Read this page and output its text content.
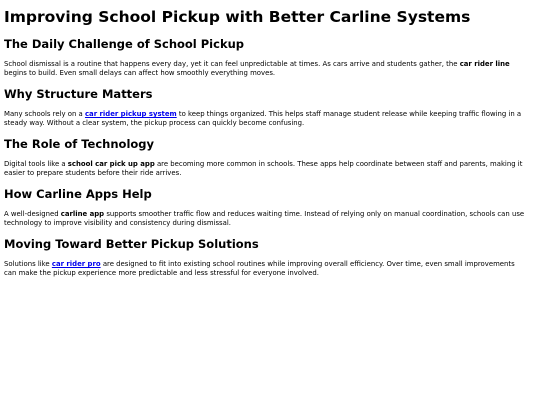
Improving School Pickup with Better Carline Systems
The Daily Challenge of School Pickup

School dismissal is a routine that happens every day, yet it can feel unpredictable at times. As cars arrive and students gather, the car rider line begins to build. Even small delays can affect how smoothly everything moves.

Why Structure Matters

Many schools rely on a car rider pickup system to keep things organized. This helps staff manage student release while keeping traffic flowing in a steady way. Without a clear system, the pickup process can quickly become confusing.

The Role of Technology

Digital tools like a school car pick up app are becoming more common in schools. These apps help coordinate between staff and parents, making it easier to prepare students before their ride arrives.

How Carline Apps Help

A well-designed carline app supports smoother traffic flow and reduces waiting time. Instead of relying only on manual coordination, schools can use technology to improve visibility and consistency during dismissal.

Moving Toward Better Pickup Solutions

Solutions like car rider pro are designed to fit into existing school routines while improving overall efficiency. Over time, even small improvements can make the pickup experience more predictable and less stressful for everyone involved.
